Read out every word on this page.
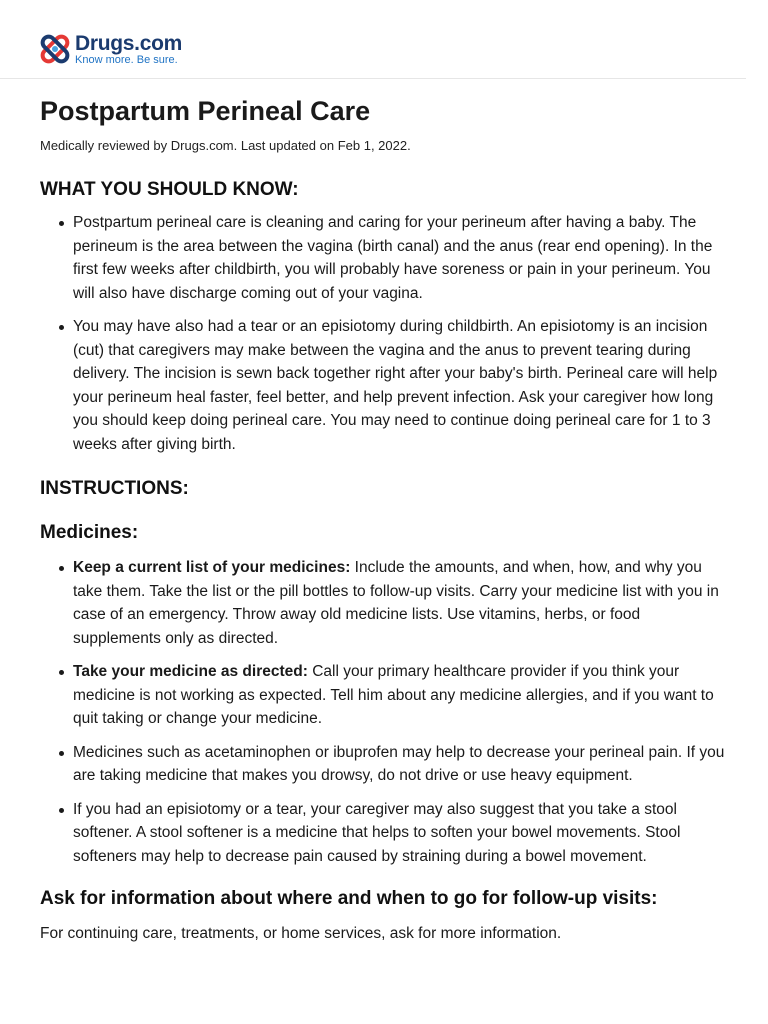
Drugs.com
Know more. Be sure.
Postpartum Perineal Care
Medically reviewed by Drugs.com. Last updated on Feb 1, 2022.
WHAT YOU SHOULD KNOW:
Postpartum perineal care is cleaning and caring for your perineum after having a baby. The perineum is the area between the vagina (birth canal) and the anus (rear end opening). In the first few weeks after childbirth, you will probably have soreness or pain in your perineum. You will also have discharge coming out of your vagina.
You may have also had a tear or an episiotomy during childbirth. An episiotomy is an incision (cut) that caregivers may make between the vagina and the anus to prevent tearing during delivery. The incision is sewn back together right after your baby's birth. Perineal care will help your perineum heal faster, feel better, and help prevent infection. Ask your caregiver how long you should keep doing perineal care. You may need to continue doing perineal care for 1 to 3 weeks after giving birth.
INSTRUCTIONS:
Medicines:
Keep a current list of your medicines: Include the amounts, and when, how, and why you take them. Take the list or the pill bottles to follow-up visits. Carry your medicine list with you in case of an emergency. Throw away old medicine lists. Use vitamins, herbs, or food supplements only as directed.
Take your medicine as directed: Call your primary healthcare provider if you think your medicine is not working as expected. Tell him about any medicine allergies, and if you want to quit taking or change your medicine.
Medicines such as acetaminophen or ibuprofen may help to decrease your perineal pain. If you are taking medicine that makes you drowsy, do not drive or use heavy equipment.
If you had an episiotomy or a tear, your caregiver may also suggest that you take a stool softener. A stool softener is a medicine that helps to soften your bowel movements. Stool softeners may help to decrease pain caused by straining during a bowel movement.
Ask for information about where and when to go for follow-up visits:

For continuing care, treatments, or home services, ask for more information.
